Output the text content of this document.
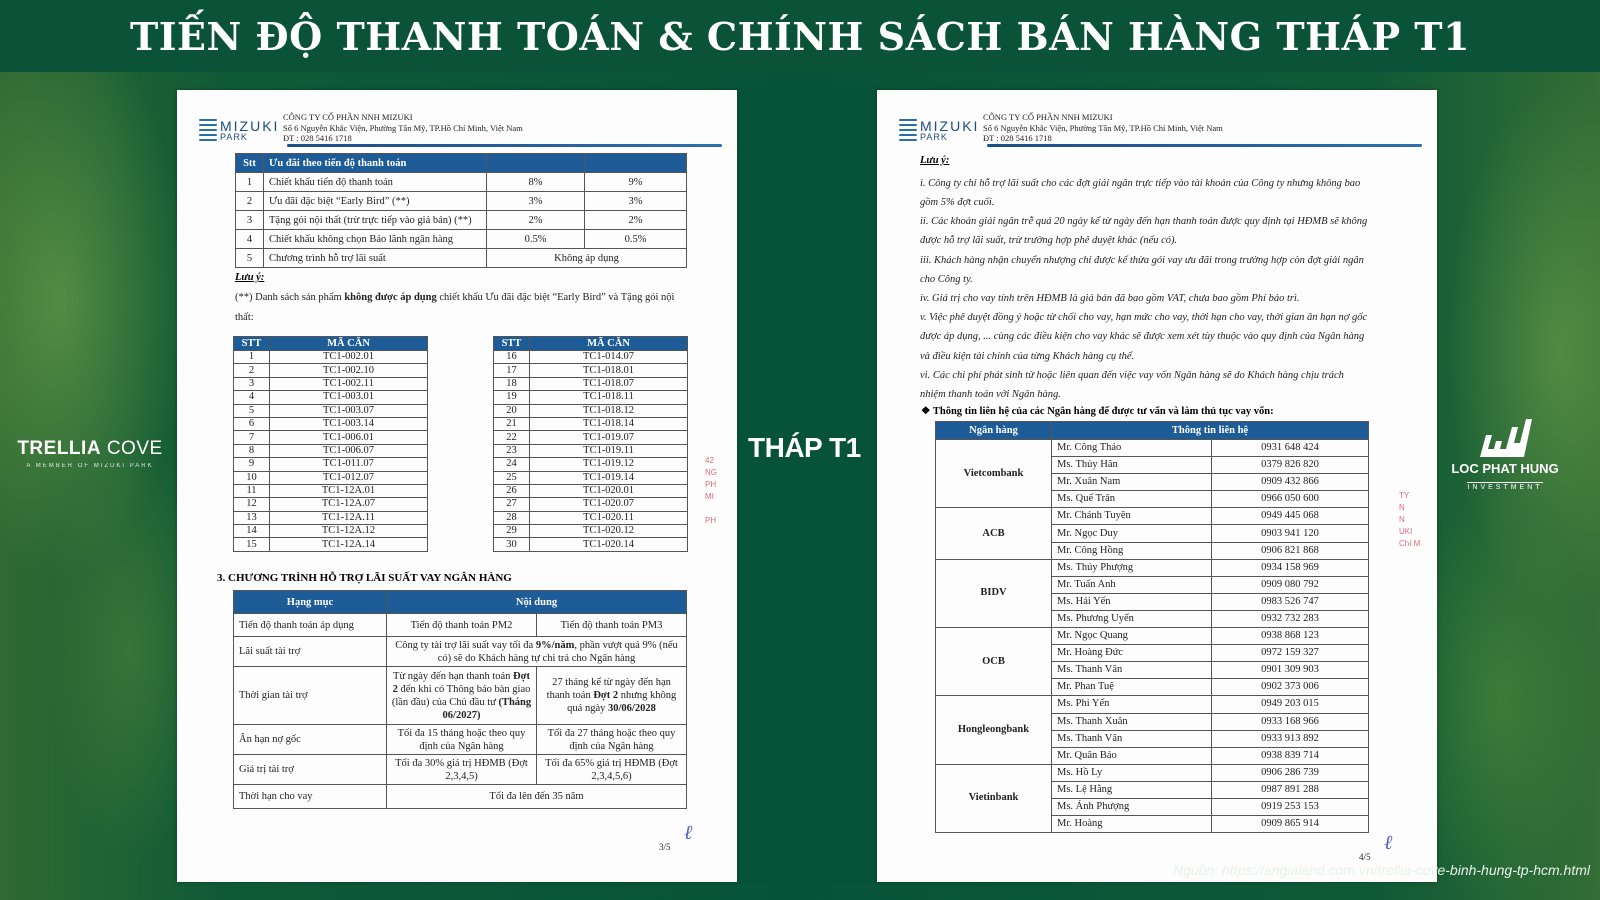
TIẾN ĐỘ THANH TOÁN & CHÍNH SÁCH BÁN HÀNG THÁP T1
TRELLIA COVE
A MEMBER OF MIZUKI PARK	LOC PHAT HUNG
INVESTMENT
THÁP T1
MIZUKI
PARK
CÔNG TY CỔ PHẦN NNH MIZUKI
Số 6 Nguyễn Khắc Viện, Phường Tân Mỹ, TP.Hồ Chí Minh, Việt Nam
ĐT : 028 5416 1718
Stt	Ưu đãi theo tiến độ thanh toán		
1	Chiết khấu tiến độ thanh toán	8%	9%
2	Ưu đãi đặc biệt “Early Bird” (**)	3%	3%
3	Tặng gói nội thất (trừ trực tiếp vào giá bán) (**)	2%	2%
4	Chiết khấu không chọn Bảo lãnh ngân hàng	0.5%	0.5%
5	Chương trình hỗ trợ lãi suất	Không áp dụng	
Lưu ý:
(**) Danh sách sản phẩm không được áp dụng chiết khấu Ưu đãi đặc biệt “Early Bird” và Tặng gói nội thất:
STT	MÃ CĂN
1	TC1-002.01
2	TC1-002.10
3	TC1-002.11
4	TC1-003.01
5	TC1-003.07
6	TC1-003.14
7	TC1-006.01
8	TC1-006.07
9	TC1-011.07
10	TC1-012.07
11	TC1-12A.01
12	TC1-12A.07
13	TC1-12A.11
14	TC1-12A.12
15	TC1-12A.14
STT	MÃ CĂN
16	TC1-014.07
17	TC1-018.01
18	TC1-018.07
19	TC1-018.11
20	TC1-018.12
21	TC1-018.14
22	TC1-019.07
23	TC1-019.11
24	TC1-019.12
25	TC1-019.14
26	TC1-020.01
27	TC1-020.07
28	TC1-020.11
29	TC1-020.12
30	TC1-020.14
3. CHƯƠNG TRÌNH HỖ TRỢ LÃI SUẤT VAY NGÂN HÀNG
Hạng mục	Nội dung	
Tiến độ thanh toán áp dụng	Tiến độ thanh toán PM2	Tiến độ thanh toán PM3
Lãi suất tài trợ	Công ty tài trợ lãi suất vay tối đa 9%/năm, phần vượt quá 9% (nếu có) sẽ do Khách hàng tự chi trả cho Ngân hàng	
Thời gian tài trợ	Từ ngày đến hạn thanh toán Đợt 2 đến khi có Thông báo bàn giao (lần đầu) của Chủ đầu tư (Tháng 06/2027)	27 tháng kể từ ngày đến hạn thanh toán Đợt 2 nhưng không quá ngày 30/06/2028
Ân hạn nợ gốc	Tối đa 15 tháng hoặc theo quy định của Ngân hàng	Tối đa 27 tháng hoặc theo quy định của Ngân hàng
Giá trị tài trợ	Tối đa 30% giá trị HĐMB (Đợt 2,3,4,5)	Tối đa 65% giá trị HĐMB (Đợt 2,3,4,5,6)
Thời hạn cho vay	Tối đa lên đến 35 năm	
42
NG
PH
MI

PH
3/5
ℓ
MIZUKI
PARK
CÔNG TY CỔ PHẦN NNH MIZUKI
Số 6 Nguyễn Khắc Viện, Phường Tân Mỹ, TP.Hồ Chí Minh, Việt Nam
ĐT : 028 5416 1718
Lưu ý:
i. Công ty chỉ hỗ trợ lãi suất cho các đợt giải ngân trực tiếp vào tài khoản của Công ty nhưng không bao gồm 5% đợt cuối.
ii. Các khoản giải ngân trễ quá 20 ngày kể từ ngày đến hạn thanh toán được quy định tại HĐMB sẽ không được hỗ trợ lãi suất, trừ trường hợp phê duyệt khác (nếu có).
iii. Khách hàng nhận chuyển nhượng chỉ được kế thừa gói vay ưu đãi trong trường hợp còn đợt giải ngân cho Công ty.
iv. Giá trị cho vay tính trên HĐMB là giá bán đã bao gồm VAT, chưa bao gồm Phí bảo trì.
v. Việc phê duyệt đồng ý hoặc từ chối cho vay, hạn mức cho vay, thời hạn cho vay, thời gian ân hạn nợ gốc được áp dụng, ... cùng các điều kiện cho vay khác sẽ được xem xét tùy thuộc vào quy định của Ngân hàng và điều kiện tài chính của từng Khách hàng cụ thể.
vi. Các chi phí phát sinh từ hoặc liên quan đến việc vay vốn Ngân hàng sẽ do Khách hàng chịu trách nhiệm thanh toán với Ngân hàng.
❖ Thông tin liên hệ của các Ngân hàng để được tư vấn và làm thủ tục vay vốn:
Ngân hàng	Thông tin liên hệ	
Vietcombank	Mr. Công Thảo	0931 648 424
	Ms. Thủy Hân	0379 826 820
	Mr. Xuân Nam	0909 432 866
	Ms. Quế Trân	0966 050 600
ACB	Mr. Chánh Tuyên	0949 445 068
	Mr. Ngọc Duy	0903 941 120
	Mr. Công Hồng	0906 821 868
BIDV	Ms. Thúy Phượng	0934 158 969
	Mr. Tuấn Anh	0909 080 792
	Ms. Hải Yến	0983 526 747
	Ms. Phương Uyển	0932 732 283
OCB	Mr. Ngọc Quang	0938 868 123
	Mr. Hoàng Đức	0972 159 327
	Ms. Thanh Vân	0901 309 903
	Mr. Phan Tuệ	0902 373 006
Hongleongbank	Ms. Phi Yến	0949 203 015
	Ms. Thanh Xuân	0933 168 966
	Ms. Thanh Vân	0933 913 892
	Mr. Quân Bảo	0938 839 714
Vietinbank	Ms. Hồ Ly	0906 286 739
	Ms. Lệ Hằng	0987 891 288
	Ms. Ánh Phượng	0919 253 153
	Mr. Hoàng	0909 865 914
TY
N
N
UKI
Chí M
4/5
ℓ
Nguồn: https://angialand.com.vn/trellia-cove-binh-hung-tp-hcm.html
